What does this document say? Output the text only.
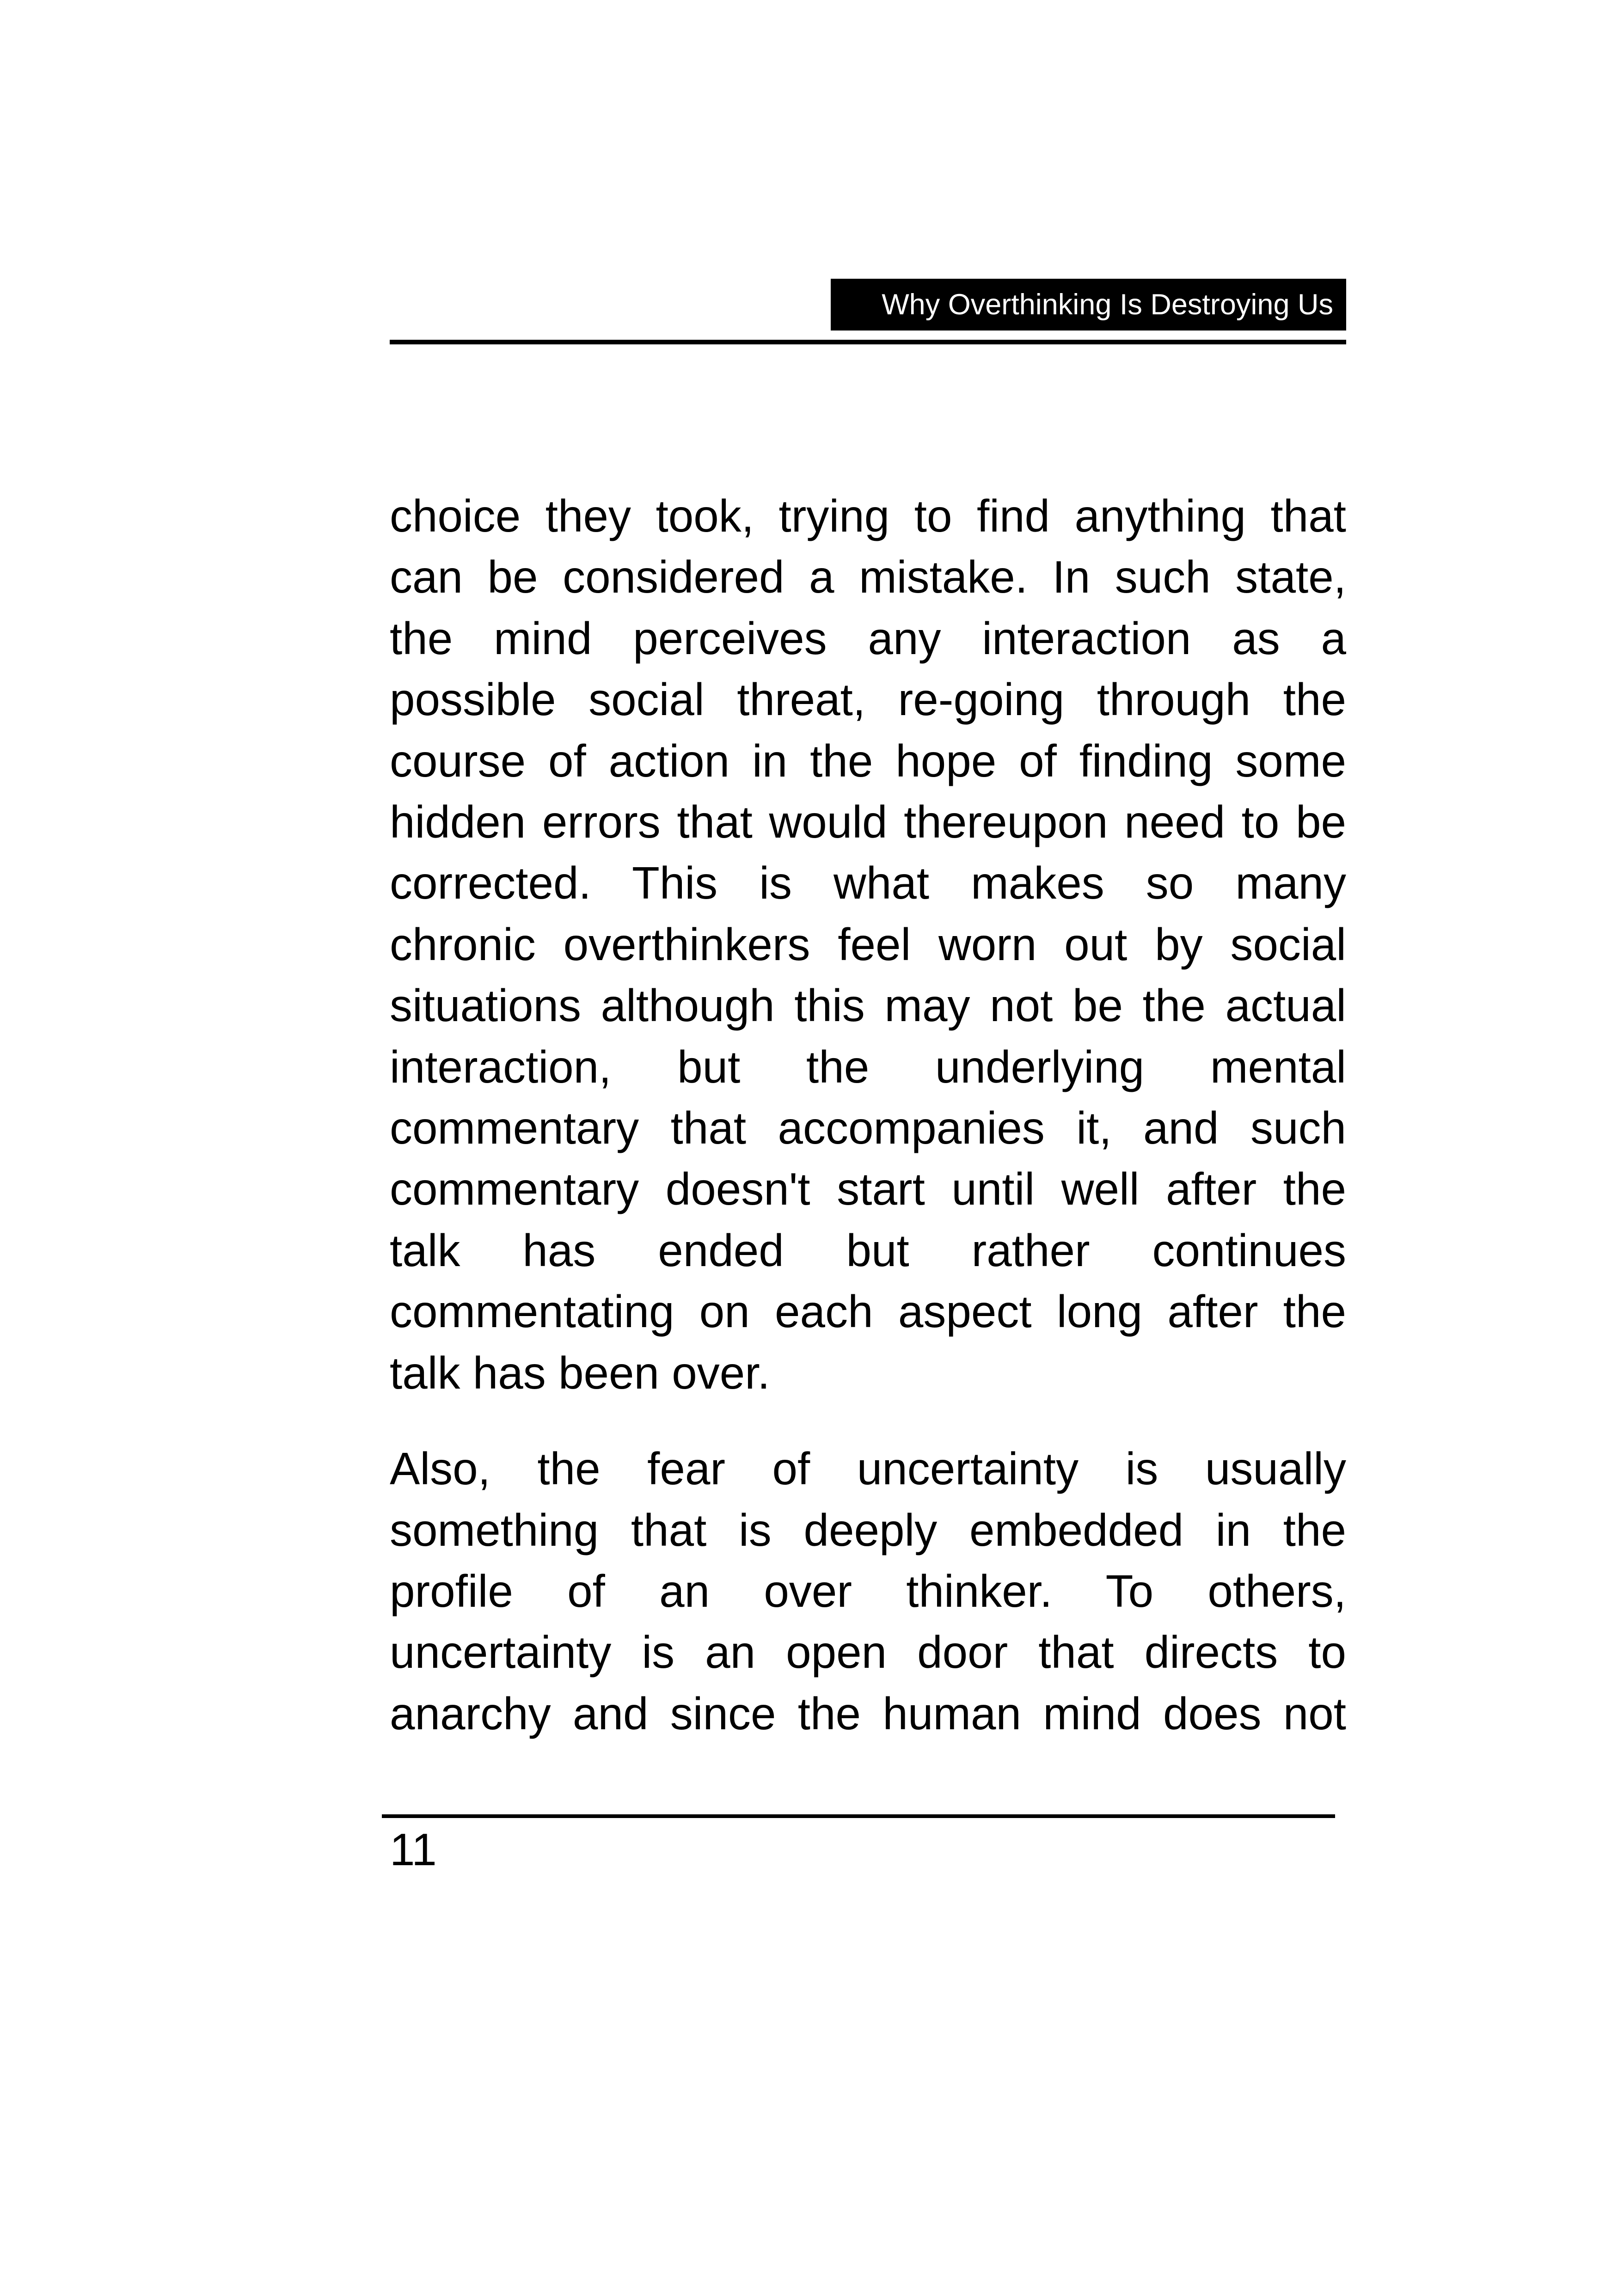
Why Overthinking Is Destroying Us

choice they took, trying to find anything that
can be considered a mistake. In such state,
the mind perceives any interaction as a
possible social threat, re-going through the
course of action in the hope of finding some
hidden errors that would thereupon need to be
corrected. This is what makes so many
chronic overthinkers feel worn out by social
situations although this may not be the actual
interaction, but the underlying mental
commentary that accompanies it, and such
commentary doesn't start until well after the
talk has ended but rather continues
commentating on each aspect long after the
talk has been over.

Also, the fear of uncertainty is usually
something that is deeply embedded in the
profile of an over thinker. To others,
uncertainty is an open door that directs to
anarchy and since the human mind does not

11
